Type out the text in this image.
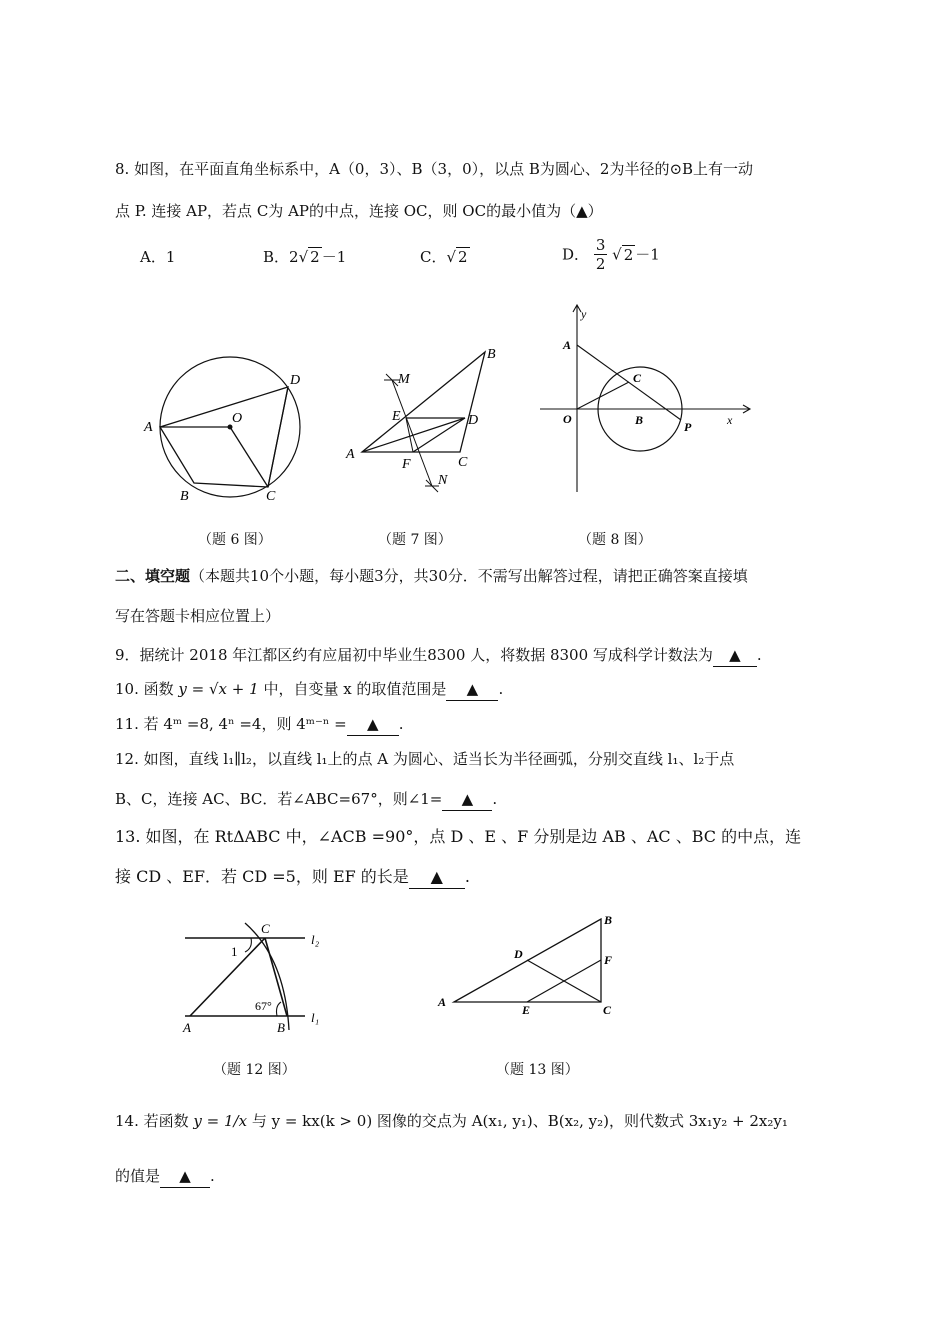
8. 如图，在平面直角坐标系中，A（0，3）、B（3，0），以点 B为圆心、2为半径的⊙B上有一动
点 P. 连接 AP，若点 C为 AP的中点，连接 OC，则 OC的最小值为（▲）
A．1	B．2√ 2 －1	C．√ 2	D． $\frac{3}{2}$ √ 2 －1
A
B	C
D
O
（题 6 图）
M
N
B
E	D
A
F	C
（题 7 图）
y
A
C
O	B	P	x
（题 8 图）
二、填空题（本题共10个小题，每小题3分，共30分．不需写出解答过程，请把正确答案直接填
写在答题卡相应位置上）
9．据统计 2018 年江都区约有应届初中毕业生8300 人，将数据 8300 写成科学计数法为 ▲ .
10. 函数 y = √x + 1 中，自变量 x 的取值范围是 ▲ .
11. 若 4ᵐ =8, 4ⁿ =4，则 4ᵐ⁻ⁿ = ▲ .
12. 如图，直线 l₁∥l₂，以直线 l₁上的点 A 为圆心、适当长为半径画弧，分别交直线 l₁、l₂于点
B、C，连接 AC、BC．若∠ABC=67°，则∠1= ▲ .
13. 如图，在 RtΔABC 中，∠ACB =90°，点 D 、E 、F 分别是边 AB 、AC 、BC 的中点，连
接 CD 、EF．若 CD =5，则 EF 的长是 ▲ .
C
l₂
1
67°
A	B
l₁
（题 12 图）
B
D	F
A
E	C
（题 13 图）
14. 若函数 y = 1/x 与 y = kx(k > 0) 图像的交点为 A(x₁, y₁)、B(x₂, y₂)，则代数式 3x₁y₂ + 2x₂y₁
的值是 ▲ .
